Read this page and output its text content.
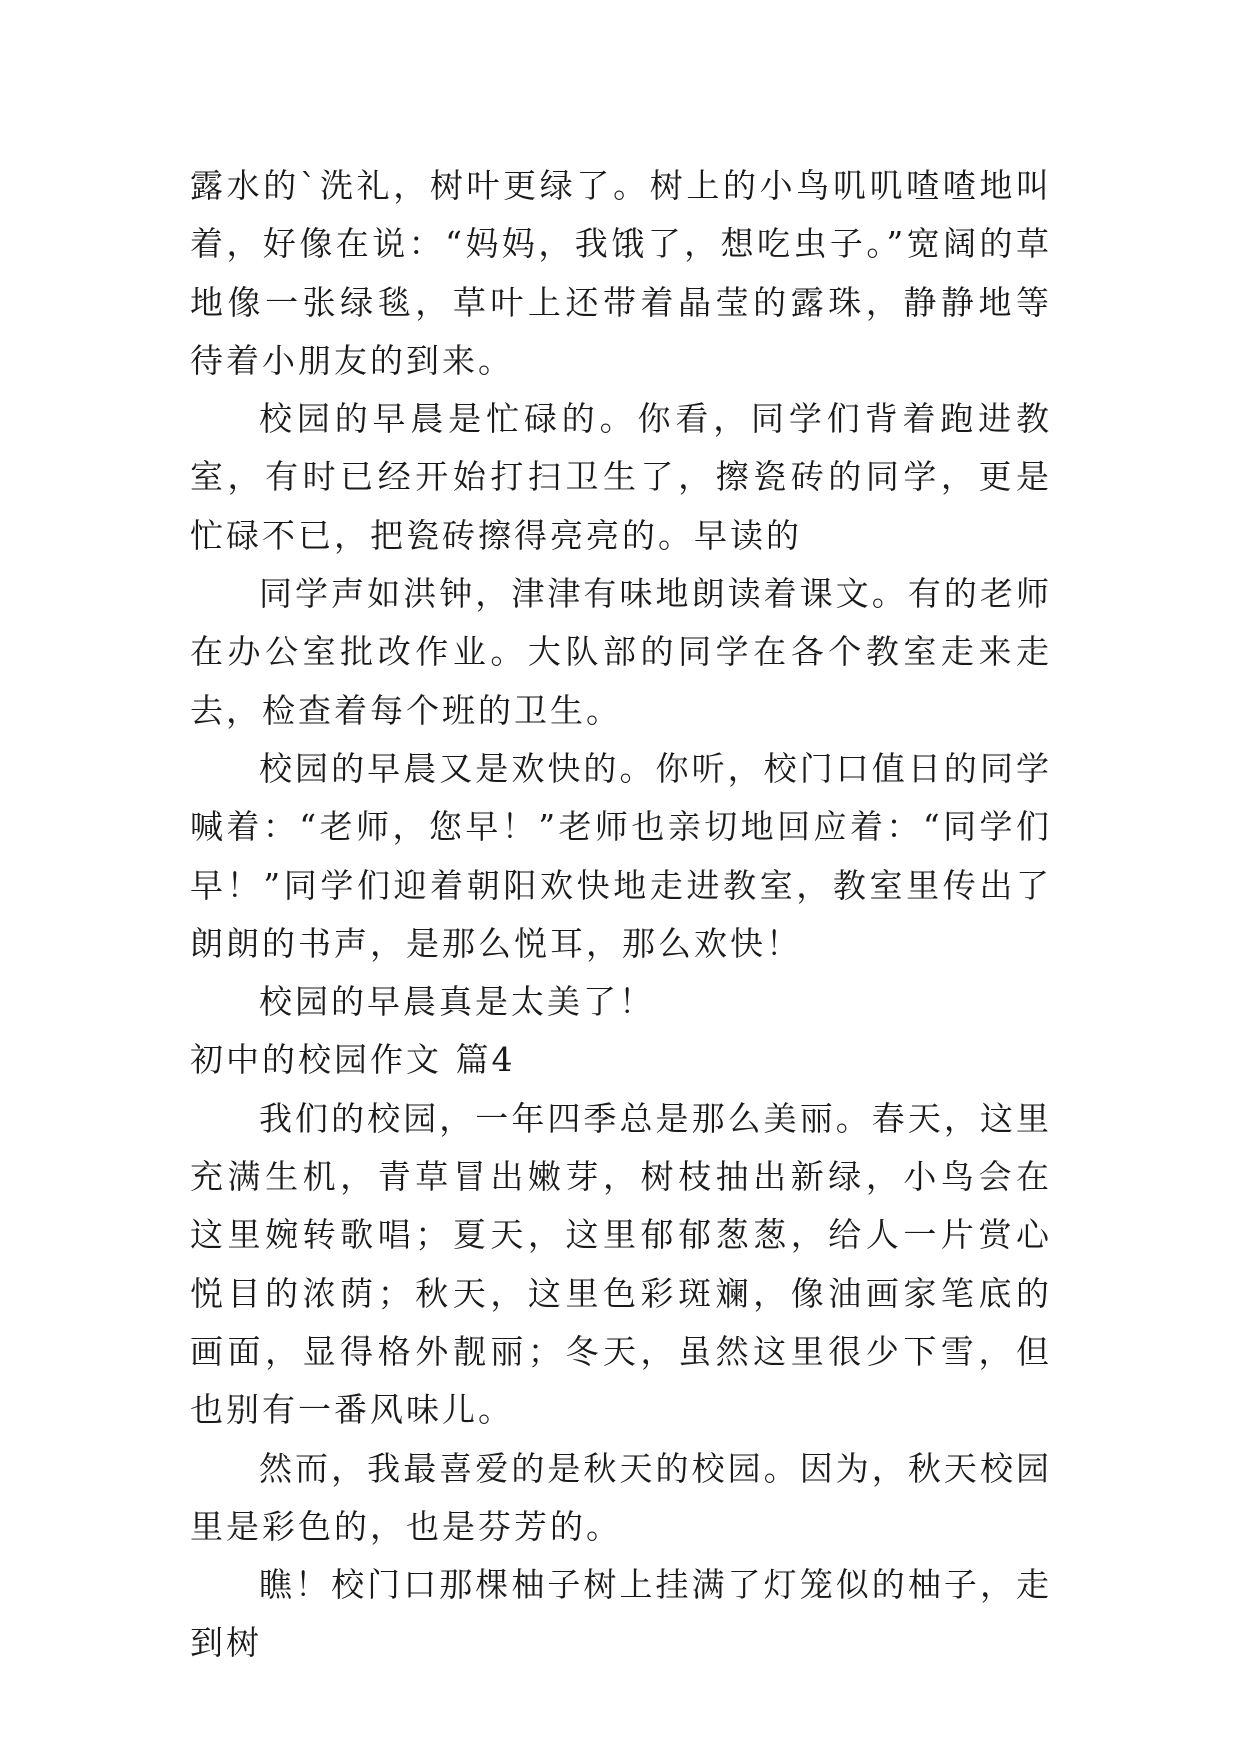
露水的`洗礼，树叶更绿了。树上的小鸟叽叽喳喳地叫着，好像在说：“妈妈，我饿了，想吃虫子。”宽阔的草地像一张绿毯，草叶上还带着晶莹的露珠，静静地等待着小朋友的到来。

校园的早晨是忙碌的。你看，同学们背着跑进教室，有时已经开始打扫卫生了，擦瓷砖的同学，更是忙碌不已，把瓷砖擦得亮亮的。早读的

同学声如洪钟，津津有味地朗读着课文。有的老师在办公室批改作业。大队部的同学在各个教室走来走去，检查着每个班的卫生。

校园的早晨又是欢快的。你听，校门口值日的同学喊着：“老师，您早！”老师也亲切地回应着：“同学们早！”同学们迎着朝阳欢快地走进教室，教室里传出了朗朗的书声，是那么悦耳，那么欢快！

校园的早晨真是太美了！

初中的校园作文 篇4

我们的校园，一年四季总是那么美丽。春天，这里充满生机，青草冒出嫩芽，树枝抽出新绿，小鸟会在这里婉转歌唱；夏天，这里郁郁葱葱，给人一片赏心悦目的浓荫；秋天，这里色彩斑斓，像油画家笔底的画面，显得格外靓丽；冬天，虽然这里很少下雪，但也别有一番风味儿。

然而，我最喜爱的是秋天的校园。因为，秋天校园里是彩色的，也是芬芳的。

瞧！校门口那棵柚子树上挂满了灯笼似的柚子，走到树
